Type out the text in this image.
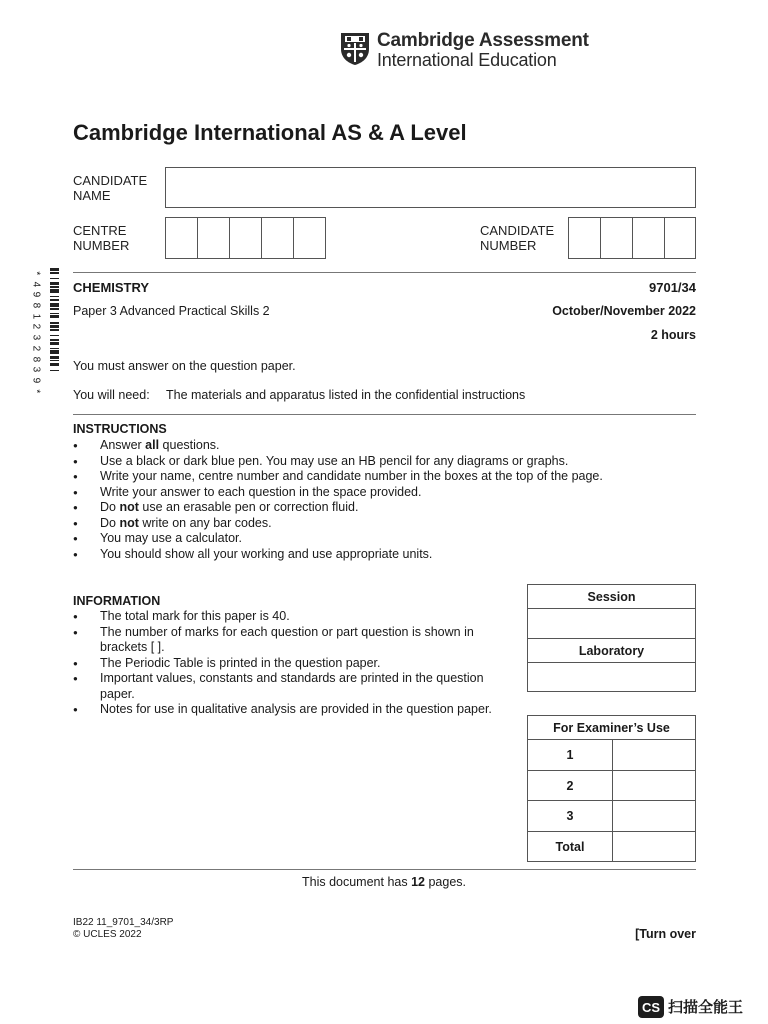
Cambridge Assessment
International Education
Cambridge International AS & A Level
CANDIDATE
NAME
CENTRE
NUMBER
CANDIDATE
NUMBER
*
4
9
8
1
2
3
2
8
3
9
*
CHEMISTRY	9701/34
Paper 3 Advanced Practical Skills 2	October/November 2022
2 hours
You must answer on the question paper.
You will need: The materials and apparatus listed in the confidential instructions
INSTRUCTIONS
● Answer all questions.
● Use a black or dark blue pen. You may use an HB pencil for any diagrams or graphs.
● Write your name, centre number and candidate number in the boxes at the top of the page.
● Write your answer to each question in the space provided.
● Do not use an erasable pen or correction fluid.
● Do not write on any bar codes.
● You may use a calculator.
● You should show all your working and use appropriate units.
INFORMATION
● The total mark for this paper is 40.
● The number of marks for each question or part question is shown in brackets [ ].
● The Periodic Table is printed in the question paper.
● Important values, constants and standards are printed in the question paper.
● Notes for use in qualitative analysis are provided in the question paper.
Session
Laboratory
For Examiner’s Use
1
2
3
Total
This document has 12 pages.
IB22 11_9701_34/3RP
© UCLES 2022	[Turn over
CS 扫描全能王
